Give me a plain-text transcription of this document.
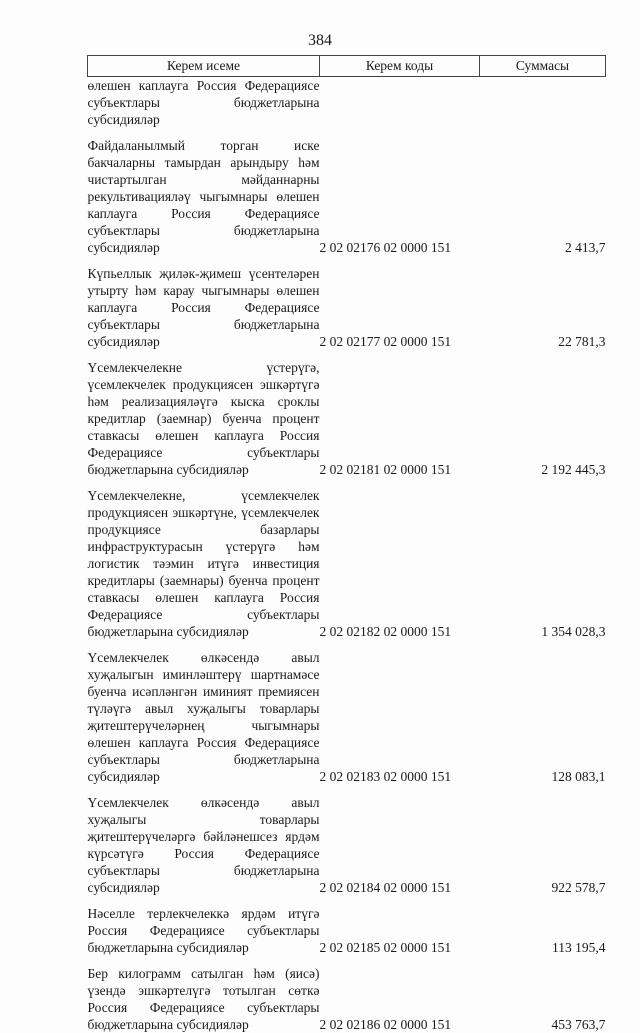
384
Керем исеме	Керем коды	Суммасы
өлешен каплауга Россия Федерациясе субъектлары бюджетларына субсидияләр		
Файдаланылмый торган иске бакчаларны тамырдан арындыру һәм чистартылган мәйданнарны рекультивацияләү чыгымнары өлешен каплауга Россия Федерациясе субъектлары бюджетларына субсидияләр	2 02 02176 02 0000 151	2 413,7
Күпьеллык җиләк-җимеш үсентеләрен утырту һәм карау чыгымнары өлешен каплауга Россия Федерациясе субъектлары бюджетларына субсидияләр	2 02 02177 02 0000 151	22 781,3
Үсемлекчелекне үстерүгә, үсемлекчелек продукциясен эшкәртүгә һәм реализацияләүгә кыска сроклы кредитлар (заемнар) буенча процент ставкасы өлешен каплауга Россия Федерациясе субъектлары бюджетларына субсидияләр	2 02 02181 02 0000 151	2 192 445,3
Үсемлекчелекне, үсемлекчелек продукциясен эшкәртүне, үсемлекчелек продукциясе базарлары инфраструктурасын үстерүгә һәм логистик тәэмин итүгә инвестиция кредитлары (заемнары) буенча процент ставкасы өлешен каплауга Россия Федерациясе субъектлары бюджетларына субсидияләр	2 02 02182 02 0000 151	1 354 028,3
Үсемлекчелек өлкәсендә авыл хуҗалыгын иминләштерү шартнамәсе буенча исәпләнгән иминият премиясен түләүгә авыл хуҗалыгы товарлары җитештерүчеләрнең чыгымнары өлешен каплауга Россия Федерациясе субъектлары бюджетларына субсидияләр	2 02 02183 02 0000 151	128 083,1
Үсемлекчелек өлкәсендә авыл хуҗалыгы товарлары җитештерүчеләргә бәйләнешсез ярдәм күрсәтүгә Россия Федерациясе субъектлары бюджетларына субсидияләр	2 02 02184 02 0000 151	922 578,7
Нәселле терлекчелеккә ярдәм итүгә Россия Федерациясе субъектлары бюджетларына субсидияләр	2 02 02185 02 0000 151	113 195,4
Бер килограмм сатылган һәм (яисә) үзендә эшкәртелүгә тотылган сөткә Россия Федерациясе субъектлары бюджетларына субсидияләр	2 02 02186 02 0000 151	453 763,7
